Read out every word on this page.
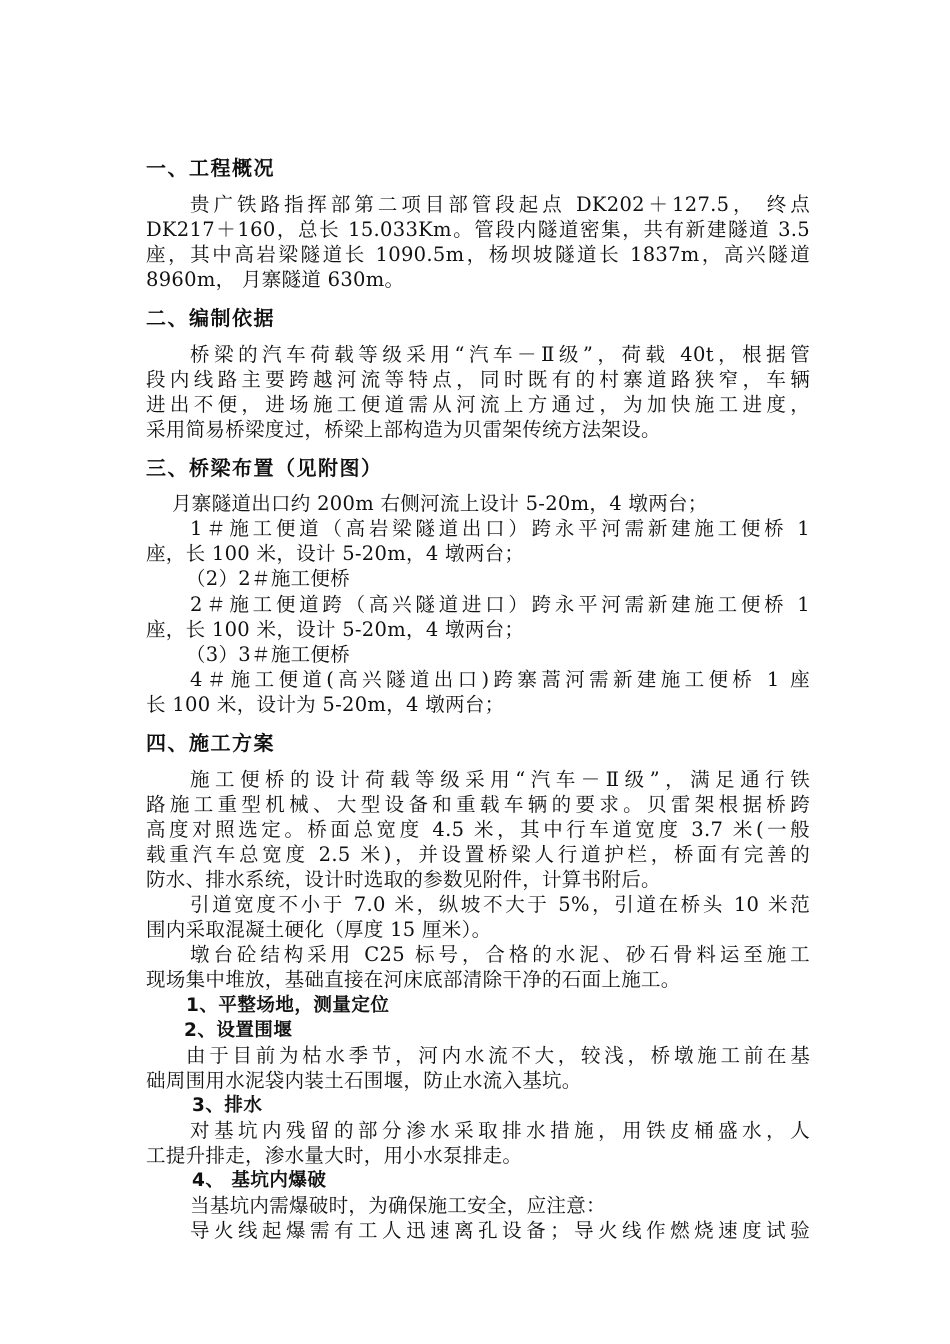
一、工程概况
贵广铁路指挥部第二项目部管段起点 DK202＋127.5， 终点
DK217＋160，总长 15.033Km。管段内隧道密集，共有新建隧道 3.5
座，其中高岩梁隧道长 1090.5m，杨坝坡隧道长 1837m，高兴隧道
8960m， 月寨隧道 630m。
二、编制依据
桥梁的汽车荷载等级采用“汽车－Ⅱ级”，荷载 40t，根据管
段内线路主要跨越河流等特点，同时既有的村寨道路狭窄，车辆
进出不便，进场施工便道需从河流上方通过，为加快施工进度，
采用简易桥梁度过，桥梁上部构造为贝雷架传统方法架设。
三、桥梁布置（见附图）
月寨隧道出口约 200m 右侧河流上设计 5-20m，4 墩两台；
1＃施工便道（高岩梁隧道出口）跨永平河需新建施工便桥 1
座，长 100 米，设计 5-20m，4 墩两台；
（2）2＃施工便桥
2＃施工便道跨（高兴隧道进口）跨永平河需新建施工便桥 1
座，长 100 米，设计 5-20m，4 墩两台；
（3）3＃施工便桥
4＃施工便道(高兴隧道出口)跨寨蒿河需新建施工便桥 1 座
长 100 米，设计为 5-20m，4 墩两台；
四、施工方案
施工便桥的设计荷载等级采用“汽车－Ⅱ级”，满足通行铁
路施工重型机械、大型设备和重载车辆的要求。贝雷架根据桥跨
高度对照选定。桥面总宽度 4.5 米，其中行车道宽度 3.7 米(一般
载重汽车总宽度 2.5 米)，并设置桥梁人行道护栏，桥面有完善的
防水、排水系统，设计时选取的参数见附件，计算书附后。
引道宽度不小于 7.0 米，纵坡不大于 5%，引道在桥头 10 米范
围内采取混凝土硬化（厚度 15 厘米）。
墩台砼结构采用 C25 标号，合格的水泥、砂石骨料运至施工
现场集中堆放，基础直接在河床底部清除干净的石面上施工。
1、平整场地，测量定位
2、设置围堰
由于目前为枯水季节，河内水流不大，较浅，桥墩施工前在基
础周围用水泥袋内装土石围堰，防止水流入基坑。
3、排水
对基坑内残留的部分渗水采取排水措施，用铁皮桶盛水，人
工提升排走，渗水量大时，用小水泵排走。
4、 基坑内爆破
当基坑内需爆破时，为确保施工安全，应注意：
导火线起爆需有工人迅速离孔设备；导火线作燃烧速度试验
